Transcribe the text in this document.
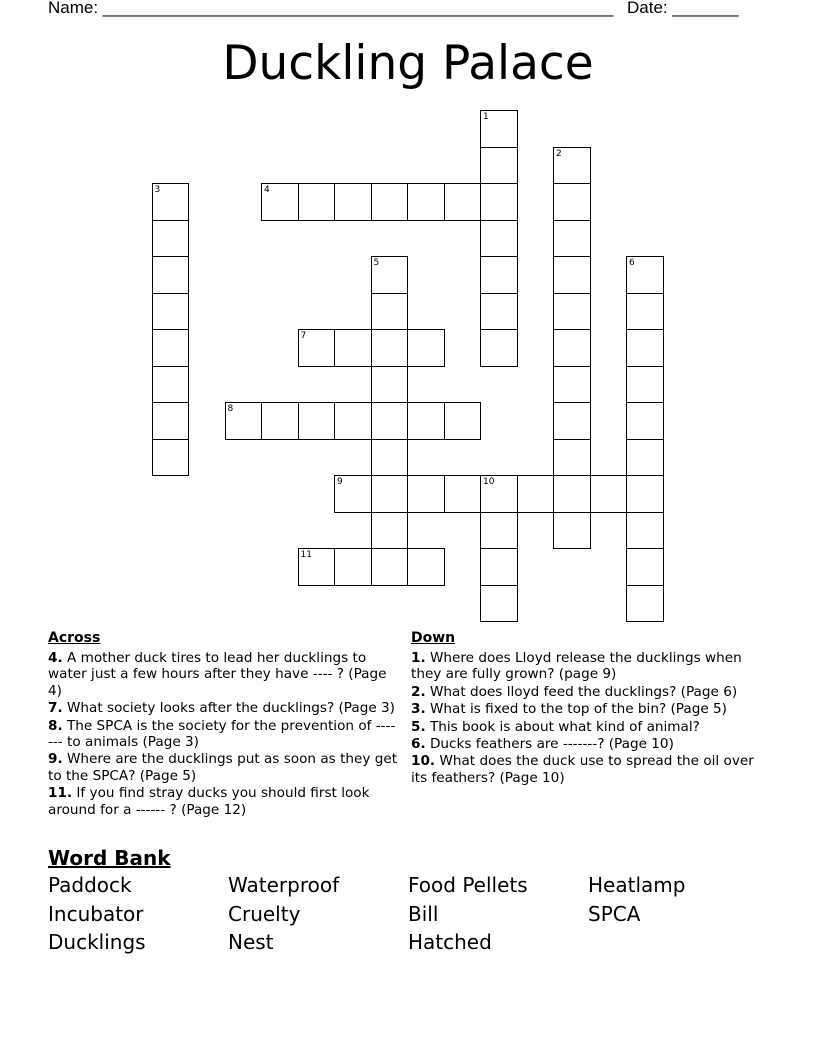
Name: ______________________________________________________ Date: _______
Duckling Palace
1
2
3	4
5	6
7
8
9	10
11
Across
4. A mother duck tires to lead her ducklings to water just a few hours after they have ---- ? (Page 4)
7. What society looks after the ducklings? (Page 3)
8. The SPCA is the society for the prevention of ------- to animals (Page 3)
9. Where are the ducklings put as soon as they get to the SPCA? (Page 5)
11. If you find stray ducks you should first look around for a ------ ? (Page 12)
Down
1. Where does Lloyd release the ducklings when they are fully grown? (page 9)
2. What does lloyd feed the ducklings? (Page 6)
3. What is fixed to the top of the bin? (Page 5)
5. This book is about what kind of animal?
6. Ducks feathers are -------? (Page 10)
10. What does the duck use to spread the oil over its feathers? (Page 10)
Word Bank
Paddock	Waterproof	Food Pellets	Heatlamp
Incubator	Cruelty	Bill	SPCA
Ducklings	Nest	Hatched
